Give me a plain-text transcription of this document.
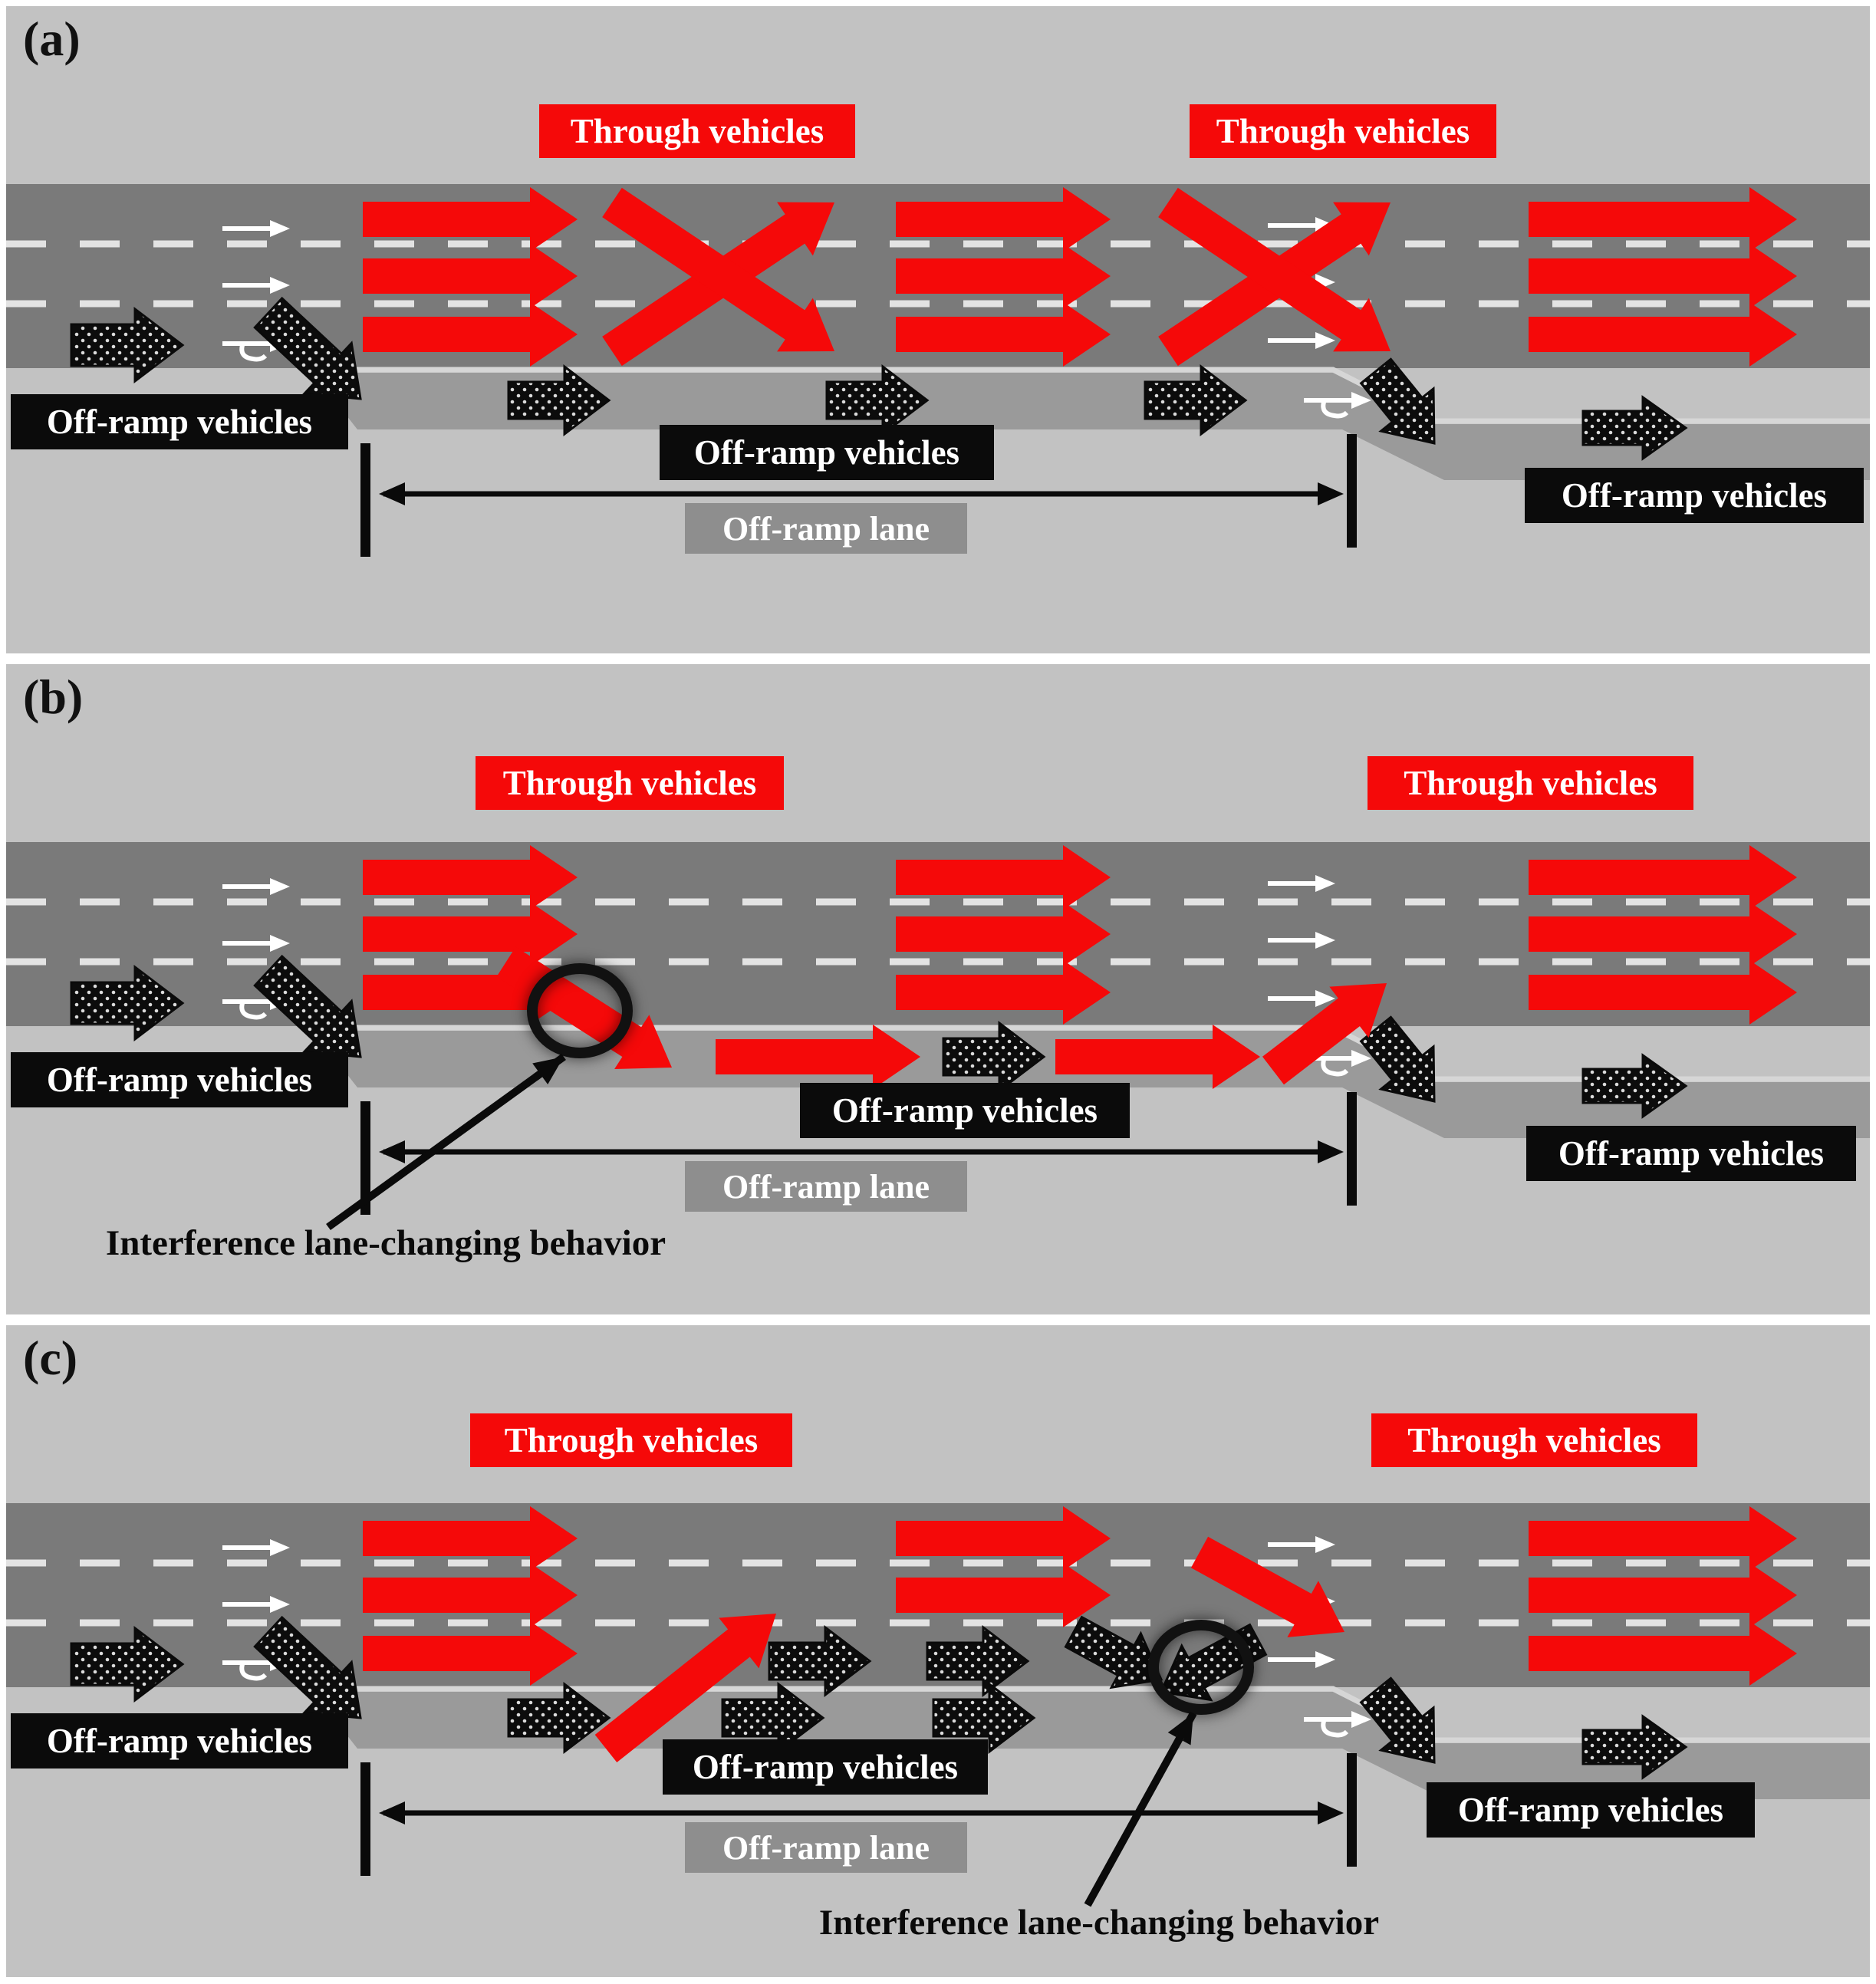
(a)
Through vehicles	Through vehicles
Off-ramp vehicles
Off-ramp vehicles
Off-ramp vehicles
Off-ramp lane
(b)
Through vehicles	Through vehicles
Off-ramp vehicles
Off-ramp vehicles
Off-ramp vehicles
Off-ramp lane
Interference lane-changing behavior
(c)
Through vehicles	Through vehicles
Off-ramp vehicles
Off-ramp vehicles
Off-ramp vehicles
Off-ramp lane
Interference lane-changing behavior
